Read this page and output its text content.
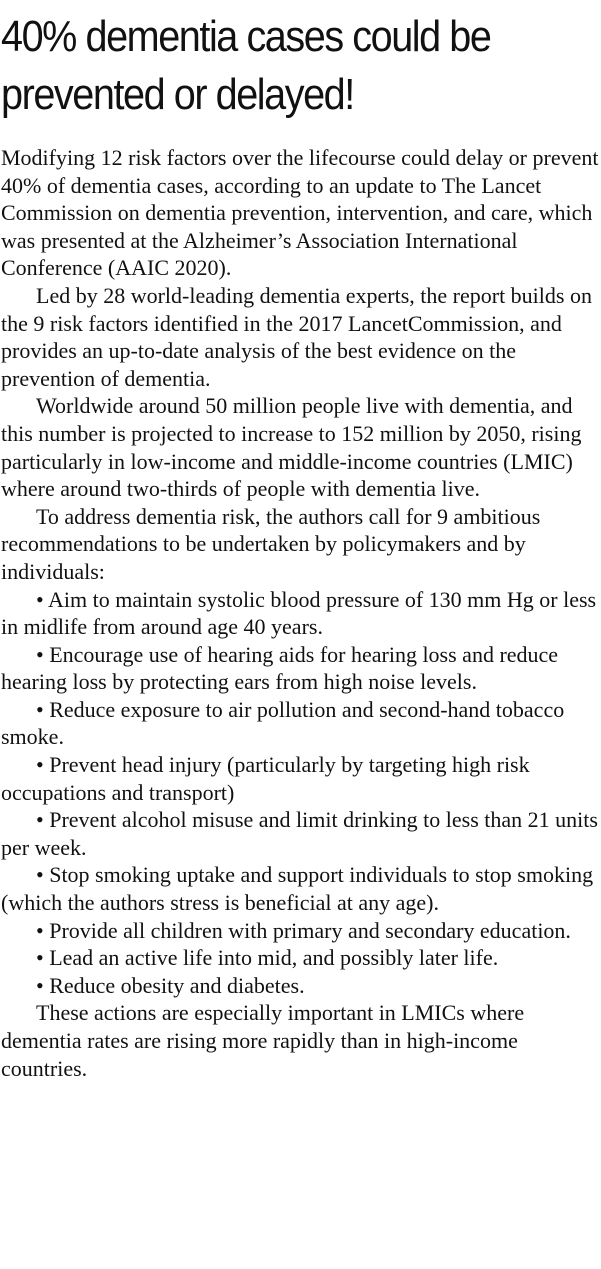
40% dementia cases could be prevented or delayed!

Modifying 12 risk factors over the lifecourse could delay or prevent 40% of dementia cases, according to an update to The Lancet Commission on dementia prevention, intervention, and care, which was presented at the Alzheimer’s Association International Conference (AAIC 2020).

Led by 28 world-leading dementia experts, the report builds on the 9 risk factors identified in the 2017 LancetCommission, and provides an up-to-date analysis of the best evidence on the prevention of dementia.

Worldwide around 50 million people live with dementia, and this number is projected to increase to 152 million by 2050, rising particularly in low-income and middle-income countries (LMIC) where around two-thirds of people with dementia live.

To address dementia risk, the authors call for 9 ambitious recommendations to be undertaken by policymakers and by individuals:

• Aim to maintain systolic blood pressure of 130 mm Hg or less in midlife from around age 40 years.
• Encourage use of hearing aids for hearing loss and reduce hearing loss by protecting ears from high noise levels.
• Reduce exposure to air pollution and second-hand tobacco smoke.
• Prevent head injury (particularly by targeting high risk occupations and transport)
• Prevent alcohol misuse and limit drinking to less than 21 units per week.
• Stop smoking uptake and support individuals to stop smoking (which the authors stress is beneficial at any age).
• Provide all children with primary and secondary education.
• Lead an active life into mid, and possibly later life.
• Reduce obesity and diabetes.

These actions are especially important in LMICs where dementia rates are rising more rapidly than in high-income countries.
